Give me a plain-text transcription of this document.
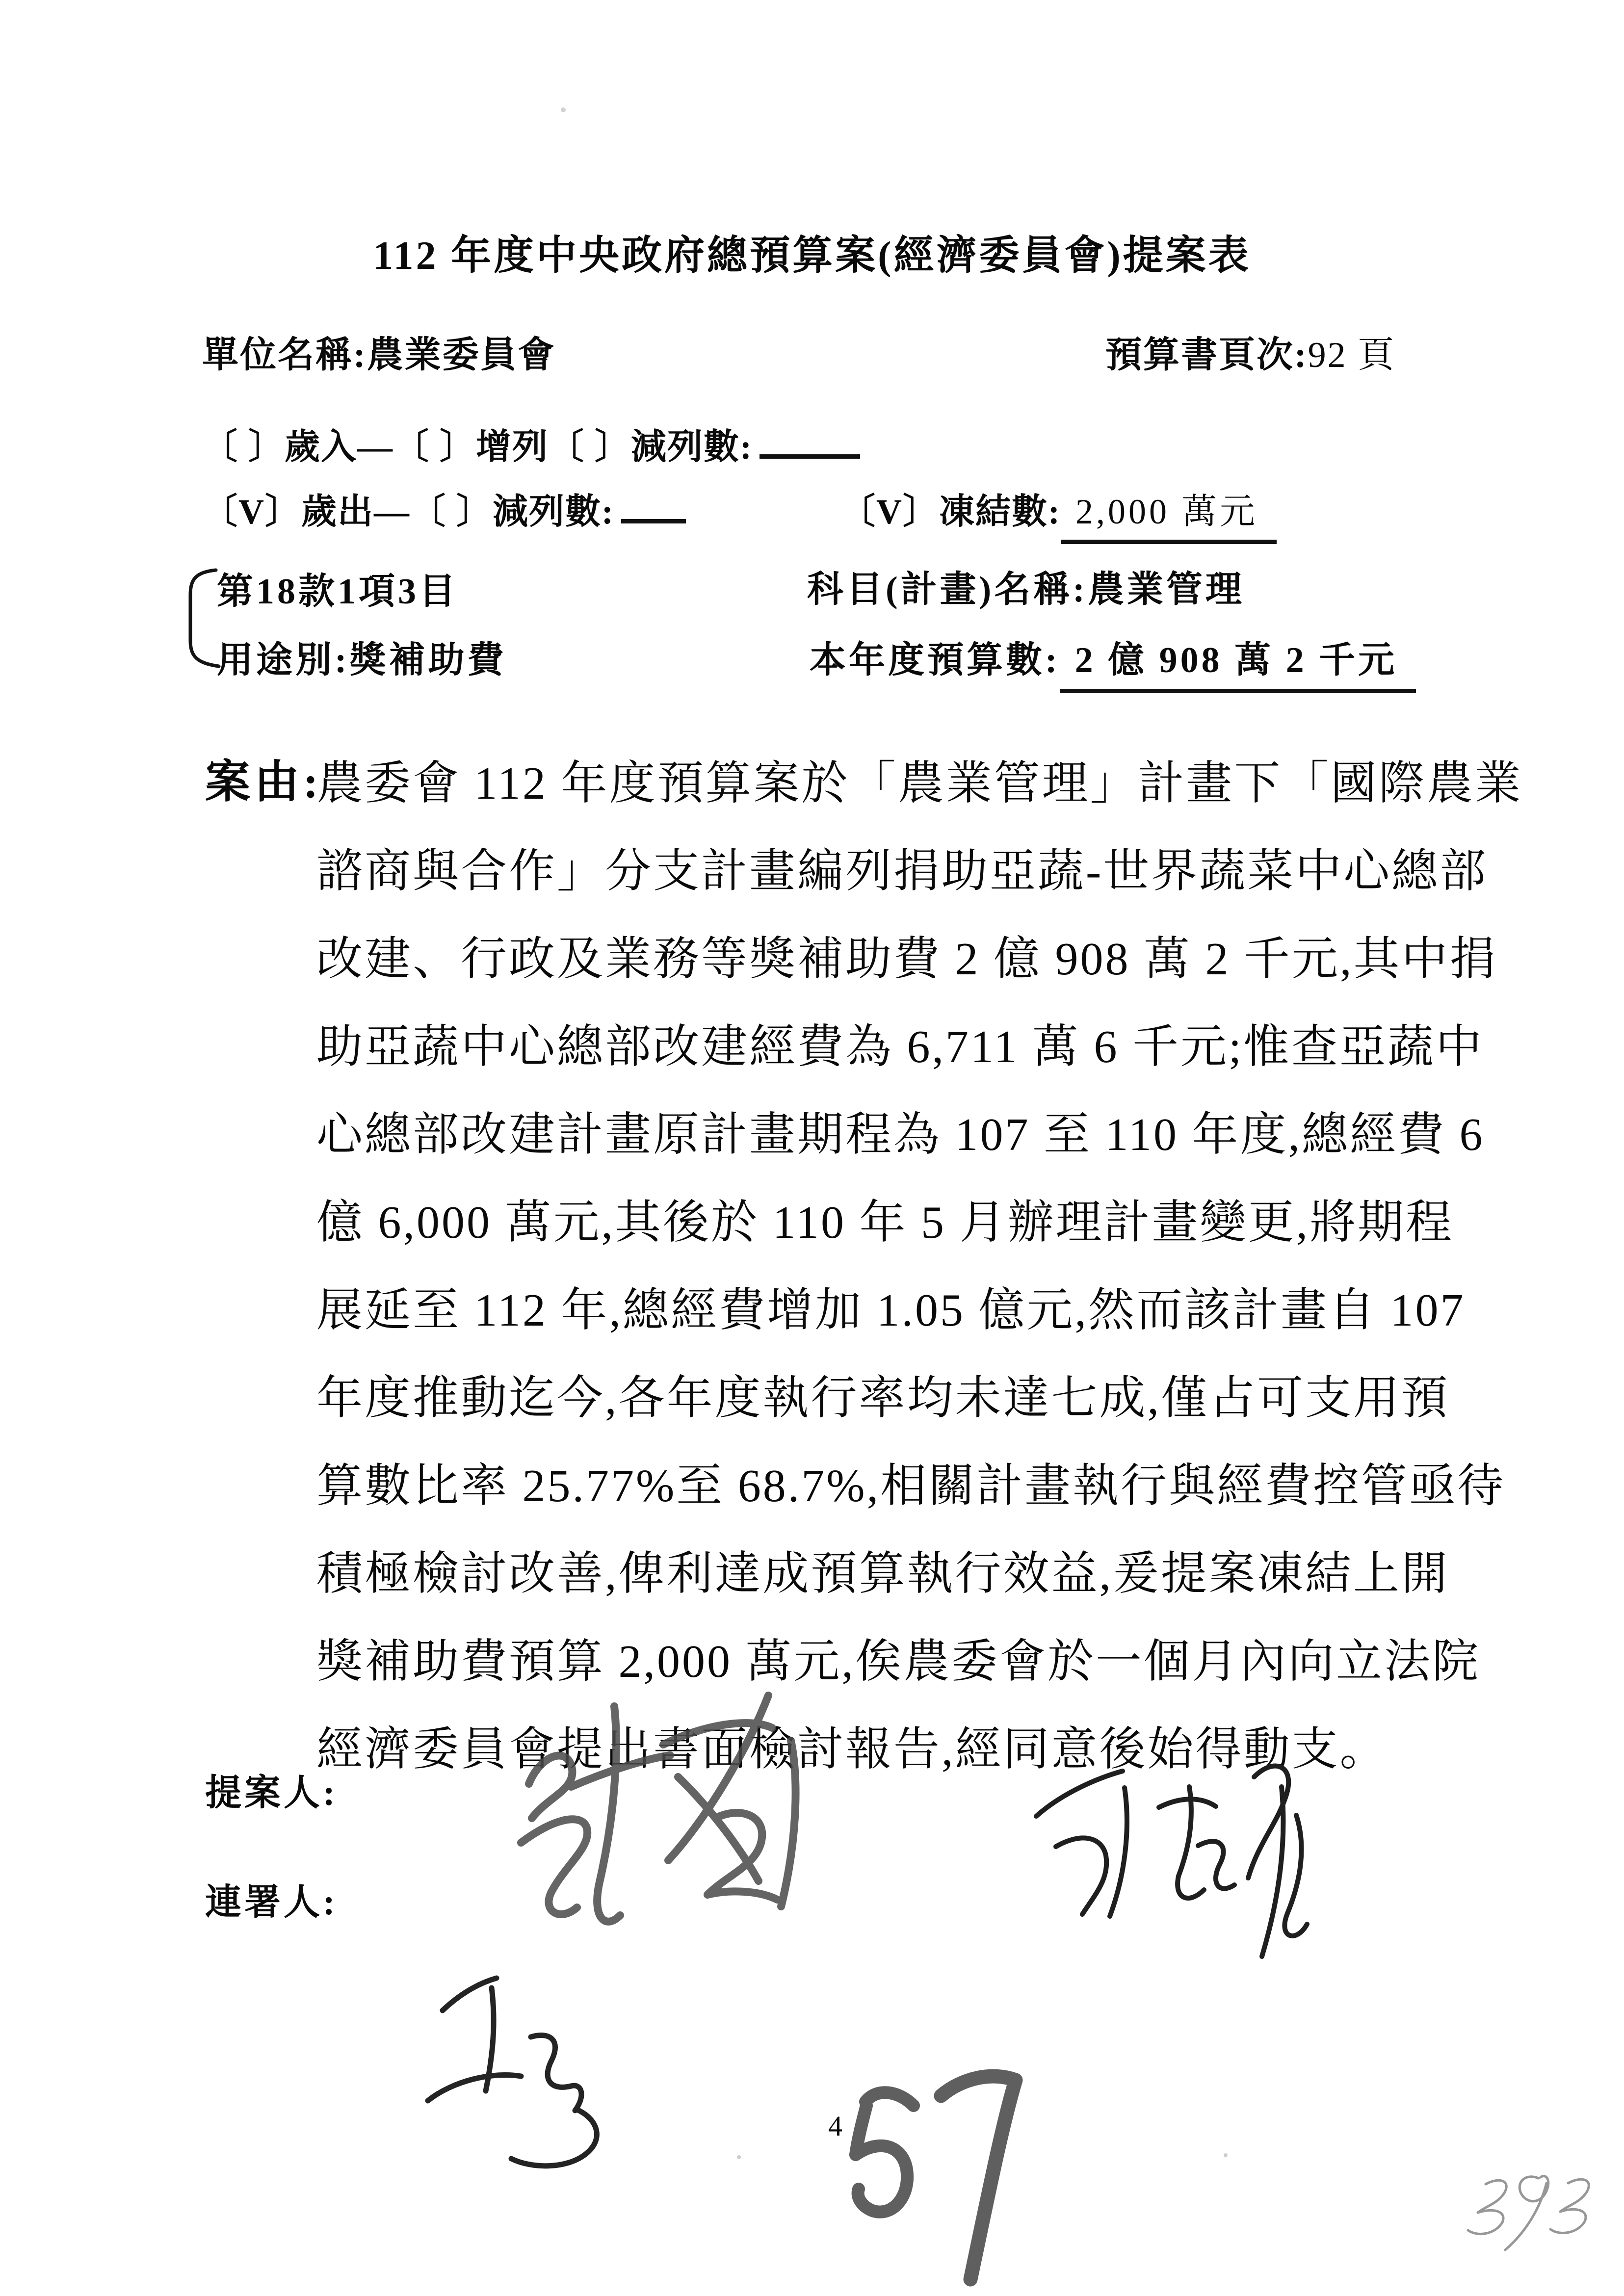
112 年度中央政府總預算案(經濟委員會)提案表
單位名稱:農業委員會	預算書頁次:92 頁
〔 〕歲入—〔 〕增列〔 〕減列數:
〔V〕歲出—〔 〕減列數:	〔V〕凍結數: 2,000 萬元
第18款1項3目	科目(計畫)名稱:農業管理
用途別:獎補助費	本年度預算數: 2 億 908 萬 2 千元
案由:
農委會 112 年度預算案於「農業管理」計畫下「國際農業
諮商與合作」分支計畫編列捐助亞蔬-世界蔬菜中心總部
改建、行政及業務等獎補助費 2 億 908 萬 2 千元,其中捐
助亞蔬中心總部改建經費為 6,711 萬 6 千元;惟查亞蔬中
心總部改建計畫原計畫期程為 107 至 110 年度,總經費 6
億 6,000 萬元,其後於 110 年 5 月辦理計畫變更,將期程
展延至 112 年,總經費增加 1.05 億元,然而該計畫自 107
年度推動迄今,各年度執行率均未達七成,僅占可支用預
算數比率 25.77%至 68.7%,相關計畫執行與經費控管亟待
積極檢討改善,俾利達成預算執行效益,爰提案凍結上開
獎補助費預算 2,000 萬元,俟農委會於一個月內向立法院
經濟委員會提出書面檢討報告,經同意後始得動支。
提案人:
連署人:
4
